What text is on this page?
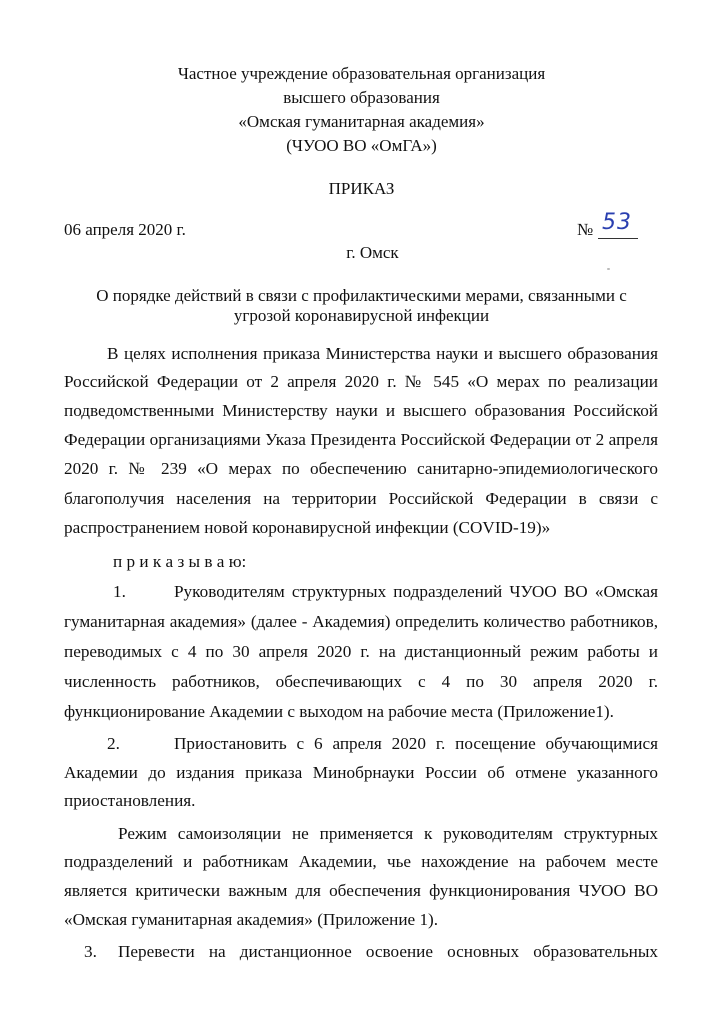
Частное учреждение образовательная организация
высшего образования
«Омская гуманитарная академия»
(ЧУОО ВО «ОмГА»)
ПРИКАЗ
06 апреля 2020 г.	№ 53
г. Омск
О порядке действий в связи с профилактическими мерами, связанными с
угрозой коронавирусной инфекции
В целях исполнения приказа Министерства науки и высшего образования
Российской Федерации от 2 апреля 2020 г. № 545 «О мерах по реализации
подведомственными Министерству науки и высшего образования Российской
Федерации организациями Указа Президента Российской Федерации от 2 апреля
2020 г. № 239 «О мерах по обеспечению санитарно-эпидемиологического
благополучия населения на территории Российской Федерации в связи с
распространением новой коронавирусной инфекции (COVID-19)»
п р и к а з ы в а ю:
1.	Руководителям структурных подразделений ЧУОО ВО «Омская
гуманитарная академия» (далее - Академия) определить количество работников,
переводимых с 4 по 30 апреля 2020 г. на дистанционный режим работы и
численность работников, обеспечивающих с 4 по 30 апреля 2020 г.
функционирование Академии с выходом на рабочие места (Приложение1).
2.	Приостановить с 6 апреля 2020 г. посещение обучающимися
Академии до издания приказа Минобрнауки России об отмене указанного
приостановления.
Режим самоизоляции не применяется к руководителям структурных
подразделений и работникам Академии, чье нахождение на рабочем месте
является критически важным для обеспечения функционирования ЧУОО ВО
«Омская гуманитарная академия» (Приложение 1).
3. Перевести на дистанционное освоение основных образовательных
